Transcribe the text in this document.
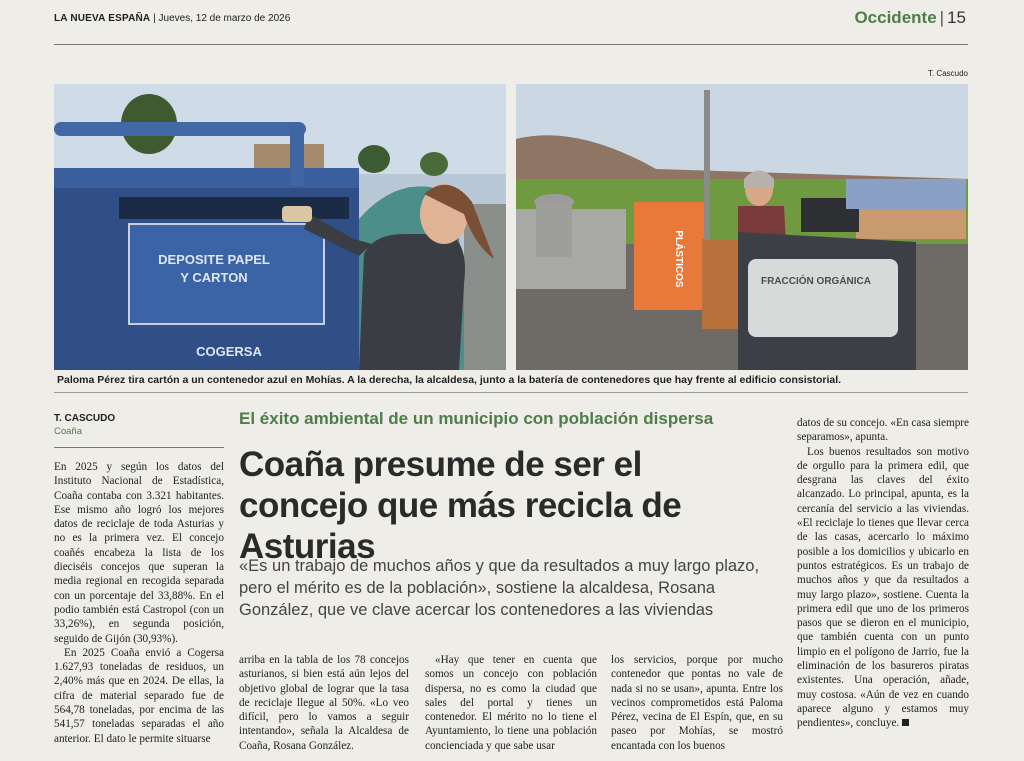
LA NUEVA ESPAÑA | Jueves, 12 de marzo de 2026	Occidente | 15
T. Cascudo
DEPOSITE PAPEL
Y CARTON
COGERSA
PLÁSTICOS	FRACCIÓN ORGÁNICA
Paloma Pérez tira cartón a un contenedor azul en Mohías. A la derecha, la alcaldesa, junto a la batería de contenedores que hay frente al edificio consistorial.
T. CASCUDO
Coaña
El éxito ambiental de un municipio con población dispersa
Coaña presume de ser el concejo que más recicla de Asturias
«Es un trabajo de muchos años y que da resultados a muy largo plazo, pero el mérito es de la población», sostiene la alcaldesa, Rosana González, que ve clave acercar los contenedores a las viviendas

En 2025 y según los datos del Instituto Nacional de Estadística, Coaña contaba con 3.321 habitantes. Ese mismo año logró los mejores datos de reciclaje de toda Asturias y no es la primera vez. El concejo coañés encabeza la lista de los dieciséis concejos que superan la media regional en recogida separada con un porcentaje del 33,88%. En el podio también está Castropol (con un 33,26%), en segunda posición, seguido de Gijón (30,93%).

En 2025 Coaña envió a Cogersa 1.627,93 toneladas de residuos, un 2,40% más que en 2024. De ellas, la cifra de material separado fue de 564,78 toneladas, por encima de las 541,57 toneladas separadas el año anterior. El dato le permite situarse

arriba en la tabla de los 78 concejos asturianos, si bien está aún lejos del objetivo global de lograr que la tasa de reciclaje llegue al 50%. «Lo veo difícil, pero lo vamos a seguir intentando», señala la Alcaldesa de Coaña, Rosana González.

«Hay que tener en cuenta que somos un concejo con población dispersa, no es como la ciudad que sales del portal y tienes un contenedor. El mérito no lo tiene el Ayuntamiento, lo tiene una población concienciada y que sabe usar

los servicios, porque por mucho contenedor que pontas no vale de nada si no se usan», apunta. Entre los vecinos comprometidos está Paloma Pérez, vecina de El Espín, que, en su paseo por Mohías, se mostró encantada con los buenos

datos de su concejo. «En casa siempre separamos», apunta.

Los buenos resultados son motivo de orgullo para la primera edil, que desgrana las claves del éxito alcanzado. Lo principal, apunta, es la cercanía del servicio a las viviendas. «El reciclaje lo tienes que llevar cerca de las casas, acercarlo lo máximo posible a los domicilios y ubicarlo en puntos estratégicos. Es un trabajo de muchos años y que da resultados a muy largo plazo», sostiene. Cuenta la primera edil que uno de los primeros pasos que se dieron en el municipio, que también cuenta con un punto limpio en el polígono de Jarrio, fue la eliminación de los basureros piratas existentes. Una operación, añade, muy costosa. «Aún de vez en cuando aparece alguno y estamos muy pendientes», concluye.
